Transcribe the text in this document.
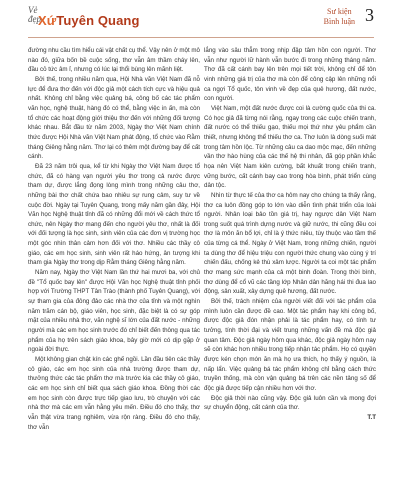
Vẻ đẹp
XứTuyên Quang
Sư kiện
Bình luận 3

đường nhu cầu tìm hiểu cái vật chất cụ thể. Vậy nên ở một mô nào đó, giữa bốn bề cuộc sống, thơ vẫn âm thầm cháy lên, đầu cỏ tức âm ỉ, nhưng có lúc lại thổi bùng lên mãnh liệt.

Bởi thế, trong nhiều năm qua, Hội Nhà văn Việt Nam đã nỗ lực để đưa thơ đến với độc giả một cách tích cực và hiệu quả nhất. Không chỉ bằng việc quảng bá, công bố các tác phẩm văn học, nghệ thuật, hàng đó có thể, bằng việc in ấn, mà còn tổ chức các hoạt động giới thiệu thơ đến với những đối tượng khác nhau. Bắt đầu từ năm 2003, Ngày thơ Việt Nam chính thức được Hội Nhà văn Việt Nam phát động, tổ chức vào Rằm tháng Giêng hằng năm. Thơ lại có thêm một đường bay để cất cánh.

Đã 23 năm trôi qua, kể từ khi Ngày thơ Việt Nam được tổ chức, đã có hàng vạn người yêu thơ trong cả nước được tham dự, được lắng đọng lòng mình trong những câu thơ, những bài thơ chất chứa bao nhiêu sự rung cảm, suy tư về cuộc đời. Ngày tại Tuyên Quang, trong mấy năm gần đây, Hội Văn học Nghệ thuật tỉnh đã có những đổi mới về cách thức tổ chức, nên Ngày thơ mang đến cho người yêu thơ, nhất là đối với đối tượng là học sinh, sinh viên của các đơn vị trường học một góc nhìn thân cảm hơn đối với thơ. Nhiều các thầy cô giáo, các em học sinh, sinh viên rất háo hứng, ân tượng khi tham gia Ngày thơ trong dịp Rằm tháng Giêng hằng năm.

Năm nay, Ngày thơ Việt Nam lần thứ hai mươi ba, với chủ đề "Tổ quốc bay lên" được Hội Văn học Nghệ thuật tỉnh phối hợp với Trường THPT Tân Trào (thành phố Tuyên Quang), với sự tham gia của đông đảo các nhà thơ của tỉnh và một nghìn năm trăm cán bộ, giáo viên, học sinh, đặc biệt là có sự góp mặt của nhiều nhà thơ, văn nghệ sĩ lớn của đất nước - những người mà các em học sinh trước đó chỉ biết đến thông qua tác phẩm của họ trên sách giáo khoa, bây giờ mới có dịp gặp ở ngoài đời thực.

Một không gian chật kín các ghế ngồi. Lần đầu tiên các thầy cô giáo, các em học sinh của nhà trường được tham dự, thưởng thức các tác phẩm thơ mà trước kia các thầy cô giáo, các em học sinh chỉ biết qua sách giáo khoa. Đồng thời các em học sinh còn được trực tiếp giao lưu, trò chuyện với các nhà thơ mà các em vẫn hằng yêu mến. Điều đó cho thấy, thơ vẫn thật vừa trang nghiêm, vừa rộn ràng. Điều đó cho thấy, thơ vẫn

lắng vào sâu thẳm trong nhịp đập tâm hồn con người. Thơ vẫn như người lữ hành vẫn bước đi trong những tháng năm. Thơ đã cất cánh bay lên trên mọi tiết trời, không chỉ để tôn vinh những giá trị của thơ mà còn để công cập lên những nổi ca ngợi Tổ quốc, tôn vinh về đẹp của quê hương, đất nước, con người.

Việt Nam, một đất nước được coi là cường quốc của thi ca. Có học giả đã từng nói rằng, ngay trong các cuộc chiến tranh, đất nước có thể thiếu gạo, thiếu mọi thứ như yêu phẩm cần thiết, nhưng không thể thiếu thơ ca. Thơ luôn là dòng suối mát trong tâm hồn lộc. Từ những câu ca dao mộc mạc, đến những vần thơ hào hùng của các thế hệ thi nhân, đã góp phần khắc họa nên Việt Nam kiên cường, bất khuất trong chiến tranh, vững bước, cất cánh bay cao trong hòa bình, phát triển cùng dân tộc.

Nhìn từ thực tế của thơ ca hôm nay cho chúng ta thấy rằng, thơ ca luôn đồng góp to lớn vào diễn tình phát triển của loài người. Nhân loại bảo tồn giá trị, hay ngược dân Việt Nam trong suốt quá trình dựng nước và giữ nước, thi cũng đều coi thơ là môn ăn bổ lợi, chỉ là ý thức niêu, tùy thuộc vào tầm thế của từng cá thể. Ngày ở Việt Nam, trong những chiến, người ta dùng thơ để hiệu triệu con người thức chung vào cùng ý trí chiến đấu, chống kẻ thù xâm lược. Người ta coi một tác phẩm thơ mang sức mạnh của cả một binh đoàn. Trong thời bình, thơ dùng để cổ vũ các tầng lớp Nhân dân hăng hái thi đua lao động, sản xuất, xây dựng quê hương, đất nước.

Bởi thế, trách nhiệm của người viết đối với tác phẩm của mình luôn cần được đề cao. Một tác phẩm hay khi công bố, được độc giả đón nhận phải là tác phẩm hay, có tính tư tưởng, tính thời đại và viết trung những vấn đề mà độc giả quan tâm. Độc giả ngày hôm qua khác, độc giả ngày hôm nay sẽ còn khác hơn nhiều trong tiếp nhận tác phẩm. Họ có quyền được kén chọn món ăn mà họ ưa thích, họ thấy ý nguồn, là nấp lẩn. Việc quảng bá tác phẩm không chỉ bằng cách thức truyền thống, mà còn vận quảng bá trên các nền tảng số để độc giả được tiếp cận nhiều hơn với thơ.

Độc giả thời nào cũng vậy. Độc giả luôn cần và mong đợi sự chuyển động, cất cánh của thơ.

T.T
